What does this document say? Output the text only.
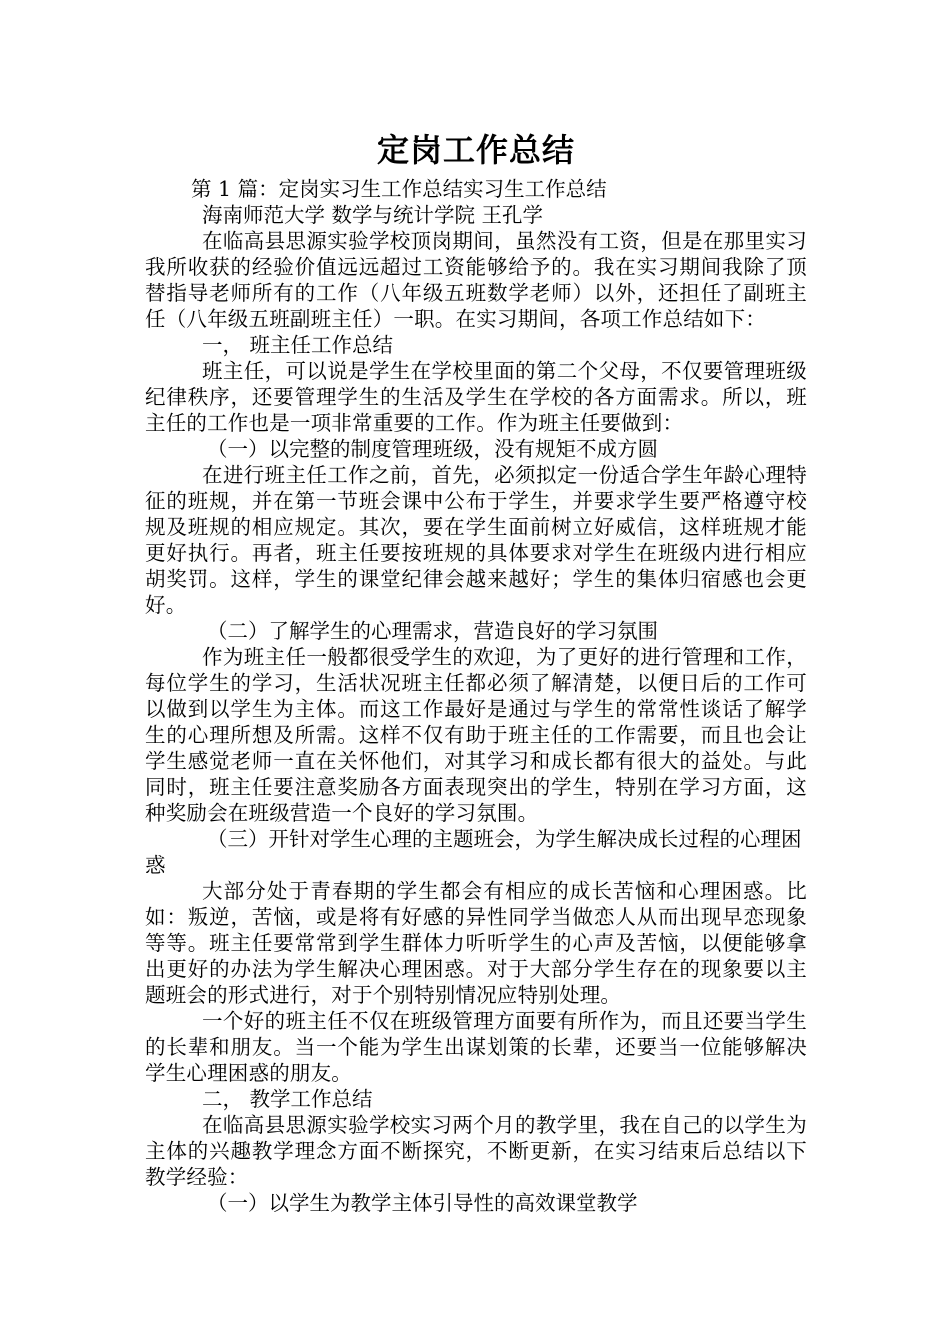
定岗工作总结

第 1 篇：定岗实习生工作总结实习生工作总结

海南师范大学 数学与统计学院 王孔学

在临高县思源实验学校顶岗期间，虽然没有工资，但是在那里实习我所收获的经验价值远远超过工资能够给予的。我在实习期间我除了顶替指导老师所有的工作（八年级五班数学老师）以外，还担任了副班主任（八年级五班副班主任）一职。在实习期间，各项工作总结如下：

一， 班主任工作总结

班主任，可以说是学生在学校里面的第二个父母，不仅要管理班级纪律秩序，还要管理学生的生活及学生在学校的各方面需求。所以，班主任的工作也是一项非常重要的工作。作为班主任要做到：

（一）以完整的制度管理班级，没有规矩不成方圆

在进行班主任工作之前，首先，必须拟定一份适合学生年龄心理特征的班规，并在第一节班会课中公布于学生，并要求学生要严格遵守校规及班规的相应规定。其次，要在学生面前树立好威信，这样班规才能更好执行。再者，班主任要按班规的具体要求对学生在班级内进行相应胡奖罚。这样，学生的课堂纪律会越来越好；学生的集体归宿感也会更好。

（二）了解学生的心理需求，营造良好的学习氛围

作为班主任一般都很受学生的欢迎，为了更好的进行管理和工作，每位学生的学习，生活状况班主任都必须了解清楚，以便日后的工作可以做到以学生为主体。而这工作最好是通过与学生的常常性谈话了解学生的心理所想及所需。这样不仅有助于班主任的工作需要，而且也会让学生感觉老师一直在关怀他们，对其学习和成长都有很大的益处。与此同时，班主任要注意奖励各方面表现突出的学生，特别在学习方面，这种奖励会在班级营造一个良好的学习氛围。

（三）开针对学生心理的主题班会，为学生解决成长过程的心理困惑

大部分处于青春期的学生都会有相应的成长苦恼和心理困惑。比如：叛逆，苦恼，或是将有好感的异性同学当做恋人从而出现早恋现象等等。班主任要常常到学生群体力听听学生的心声及苦恼，以便能够拿出更好的办法为学生解决心理困惑。对于大部分学生存在的现象要以主题班会的形式进行，对于个别特别情况应特别处理。

一个好的班主任不仅在班级管理方面要有所作为，而且还要当学生的长辈和朋友。当一个能为学生出谋划策的长辈，还要当一位能够解决学生心理困惑的朋友。

二， 教学工作总结

在临高县思源实验学校实习两个月的教学里，我在自己的以学生为主体的兴趣教学理念方面不断探究，不断更新，在实习结束后总结以下教学经验：

（一）以学生为教学主体引导性的高效课堂教学
